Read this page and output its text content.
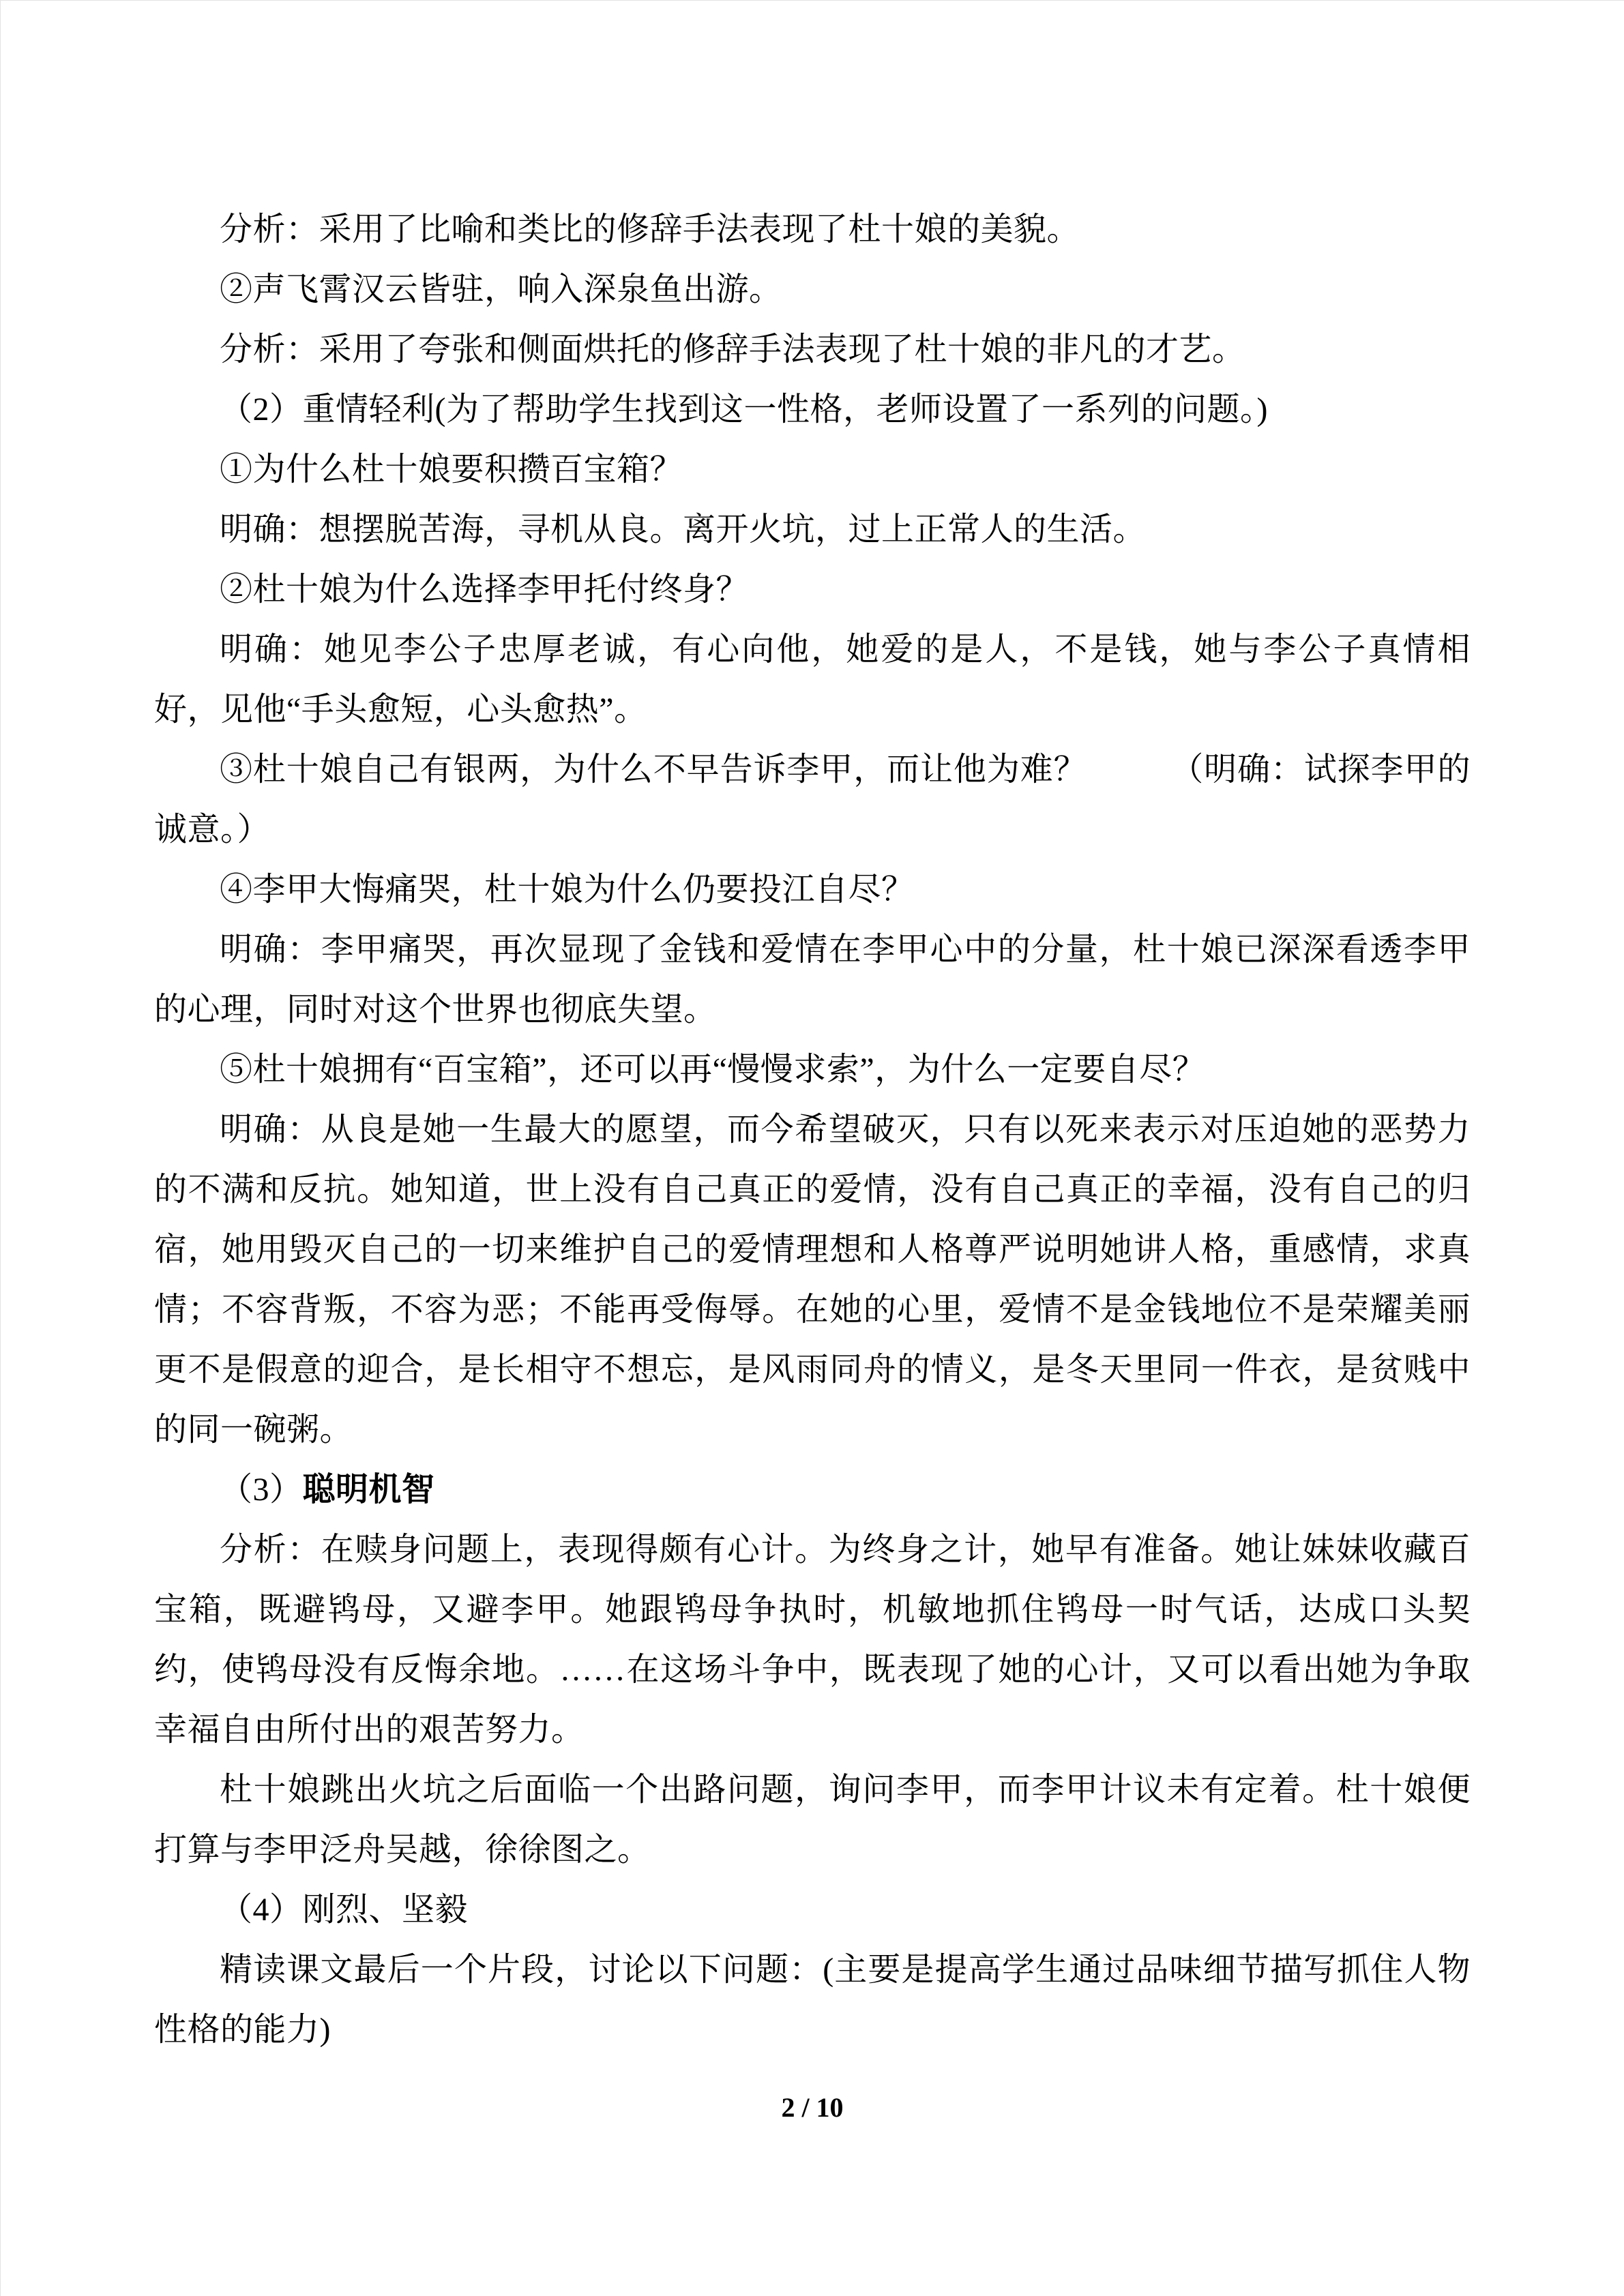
分析：采用了比喻和类比的修辞手法表现了杜十娘的美貌。

②声飞霄汉云皆驻，响入深泉鱼出游。

分析：采用了夸张和侧面烘托的修辞手法表现了杜十娘的非凡的才艺。

（2）重情轻利(为了帮助学生找到这一性格，老师设置了一系列的问题。)

①为什么杜十娘要积攒百宝箱？

明确：想摆脱苦海，寻机从良。离开火坑，过上正常人的生活。

②杜十娘为什么选择李甲托付终身？

明确：她见李公子忠厚老诚，有心向他，她爱的是人，不是钱，她与李公子真情相好，见他“手头愈短，心头愈热”。

③杜十娘自己有银两，为什么不早告诉李甲，而让他为难？　　　（明确：试探李甲的诚意。）

④李甲大悔痛哭，杜十娘为什么仍要投江自尽？

明确：李甲痛哭，再次显现了金钱和爱情在李甲心中的分量，杜十娘已深深看透李甲的心理，同时对这个世界也彻底失望。

⑤杜十娘拥有“百宝箱”，还可以再“慢慢求索”，为什么一定要自尽？

明确：从良是她一生最大的愿望，而今希望破灭，只有以死来表示对压迫她的恶势力的不满和反抗。她知道，世上没有自己真正的爱情，没有自己真正的幸福，没有自己的归宿，她用毁灭自己的一切来维护自己的爱情理想和人格尊严说明她讲人格，重感情，求真情；不容背叛，不容为恶；不能再受侮辱。在她的心里，爱情不是金钱地位不是荣耀美丽更不是假意的迎合，是长相守不想忘，是风雨同舟的情义，是冬天里同一件衣，是贫贱中的同一碗粥。

（3）聪明机智

分析：在赎身问题上，表现得颇有心计。为终身之计，她早有准备。她让妹妹收藏百宝箱，既避鸨母，又避李甲。她跟鸨母争执时，机敏地抓住鸨母一时气话，达成口头契约，使鸨母没有反悔余地。……在这场斗争中，既表现了她的心计，又可以看出她为争取幸福自由所付出的艰苦努力。

杜十娘跳出火坑之后面临一个出路问题，询问李甲，而李甲计议未有定着。杜十娘便打算与李甲泛舟吴越，徐徐图之。

（4）刚烈、坚毅

精读课文最后一个片段，讨论以下问题：(主要是提高学生通过品味细节描写抓住人物性格的能力)

2 / 10
